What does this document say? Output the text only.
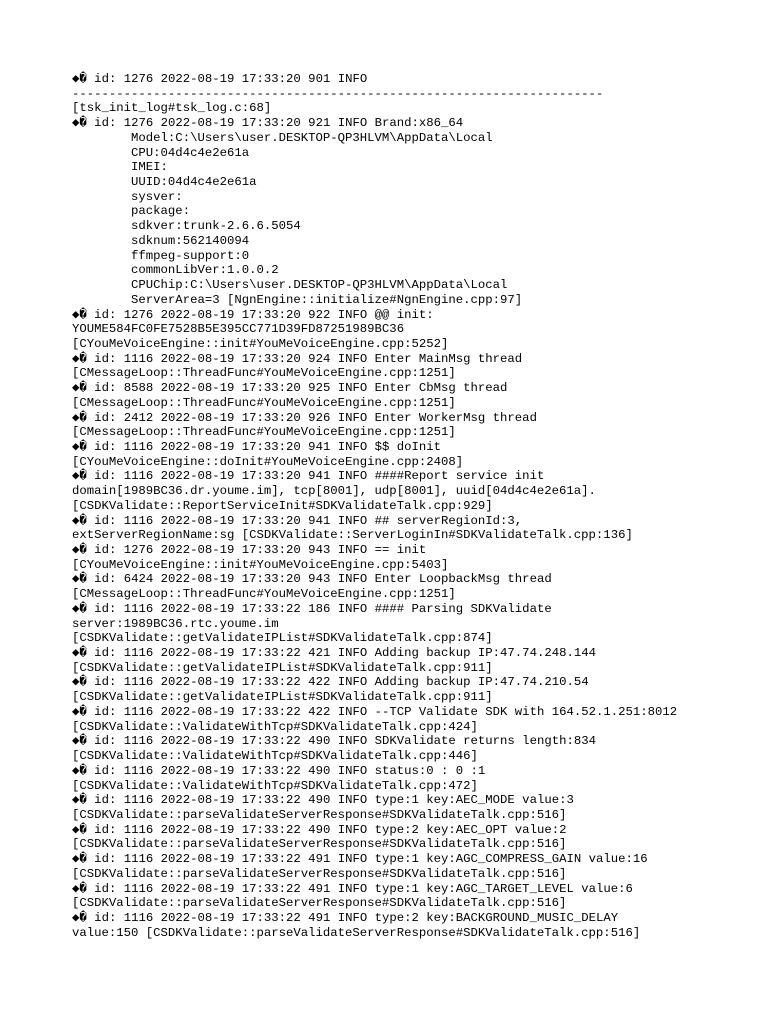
◆� id: 1276 2022-08-19 17:33:20 901 INFO
------------------------------------------------------------------------
[tsk_init_log#tsk_log.c:68]
◆� id: 1276 2022-08-19 17:33:20 921 INFO Brand:x86_64
Model:C:\Users\user.DESKTOP-QP3HLVM\AppData\Local
CPU:04d4c4e2e61a
IMEI:
UUID:04d4c4e2e61a
sysver:
package:
sdkver:trunk-2.6.6.5054
sdknum:562140094
ffmpeg-support:0
commonLibVer:1.0.0.2
CPUChip:C:\Users\user.DESKTOP-QP3HLVM\AppData\Local
ServerArea=3 [NgnEngine::initialize#NgnEngine.cpp:97]
◆� id: 1276 2022-08-19 17:33:20 922 INFO @@ init:
YOUME584FC0FE7528B5E395CC771D39FD87251989BC36
[CYouMeVoiceEngine::init#YouMeVoiceEngine.cpp:5252]
◆� id: 1116 2022-08-19 17:33:20 924 INFO Enter MainMsg thread
[CMessageLoop::ThreadFunc#YouMeVoiceEngine.cpp:1251]
◆� id: 8588 2022-08-19 17:33:20 925 INFO Enter CbMsg thread
[CMessageLoop::ThreadFunc#YouMeVoiceEngine.cpp:1251]
◆� id: 2412 2022-08-19 17:33:20 926 INFO Enter WorkerMsg thread
[CMessageLoop::ThreadFunc#YouMeVoiceEngine.cpp:1251]
◆� id: 1116 2022-08-19 17:33:20 941 INFO $$ doInit
[CYouMeVoiceEngine::doInit#YouMeVoiceEngine.cpp:2408]
◆� id: 1116 2022-08-19 17:33:20 941 INFO ####Report service init
domain[1989BC36.dr.youme.im], tcp[8001], udp[8001], uuid[04d4c4e2e61a].
[CSDKValidate::ReportServiceInit#SDKValidateTalk.cpp:929]
◆� id: 1116 2022-08-19 17:33:20 941 INFO ## serverRegionId:3,
extServerRegionName:sg [CSDKValidate::ServerLoginIn#SDKValidateTalk.cpp:136]
◆� id: 1276 2022-08-19 17:33:20 943 INFO == init
[CYouMeVoiceEngine::init#YouMeVoiceEngine.cpp:5403]
◆� id: 6424 2022-08-19 17:33:20 943 INFO Enter LoopbackMsg thread
[CMessageLoop::ThreadFunc#YouMeVoiceEngine.cpp:1251]
◆� id: 1116 2022-08-19 17:33:22 186 INFO #### Parsing SDKValidate
server:1989BC36.rtc.youme.im
[CSDKValidate::getValidateIPList#SDKValidateTalk.cpp:874]
◆� id: 1116 2022-08-19 17:33:22 421 INFO Adding backup IP:47.74.248.144
[CSDKValidate::getValidateIPList#SDKValidateTalk.cpp:911]
◆� id: 1116 2022-08-19 17:33:22 422 INFO Adding backup IP:47.74.210.54
[CSDKValidate::getValidateIPList#SDKValidateTalk.cpp:911]
◆� id: 1116 2022-08-19 17:33:22 422 INFO --TCP Validate SDK with 164.52.1.251:8012
[CSDKValidate::ValidateWithTcp#SDKValidateTalk.cpp:424]
◆� id: 1116 2022-08-19 17:33:22 490 INFO SDKValidate returns length:834
[CSDKValidate::ValidateWithTcp#SDKValidateTalk.cpp:446]
◆� id: 1116 2022-08-19 17:33:22 490 INFO status:0 : 0 :1
[CSDKValidate::ValidateWithTcp#SDKValidateTalk.cpp:472]
◆� id: 1116 2022-08-19 17:33:22 490 INFO type:1 key:AEC_MODE value:3
[CSDKValidate::parseValidateServerResponse#SDKValidateTalk.cpp:516]
◆� id: 1116 2022-08-19 17:33:22 490 INFO type:2 key:AEC_OPT value:2
[CSDKValidate::parseValidateServerResponse#SDKValidateTalk.cpp:516]
◆� id: 1116 2022-08-19 17:33:22 491 INFO type:1 key:AGC_COMPRESS_GAIN value:16
[CSDKValidate::parseValidateServerResponse#SDKValidateTalk.cpp:516]
◆� id: 1116 2022-08-19 17:33:22 491 INFO type:1 key:AGC_TARGET_LEVEL value:6
[CSDKValidate::parseValidateServerResponse#SDKValidateTalk.cpp:516]
◆� id: 1116 2022-08-19 17:33:22 491 INFO type:2 key:BACKGROUND_MUSIC_DELAY
value:150 [CSDKValidate::parseValidateServerResponse#SDKValidateTalk.cpp:516]
